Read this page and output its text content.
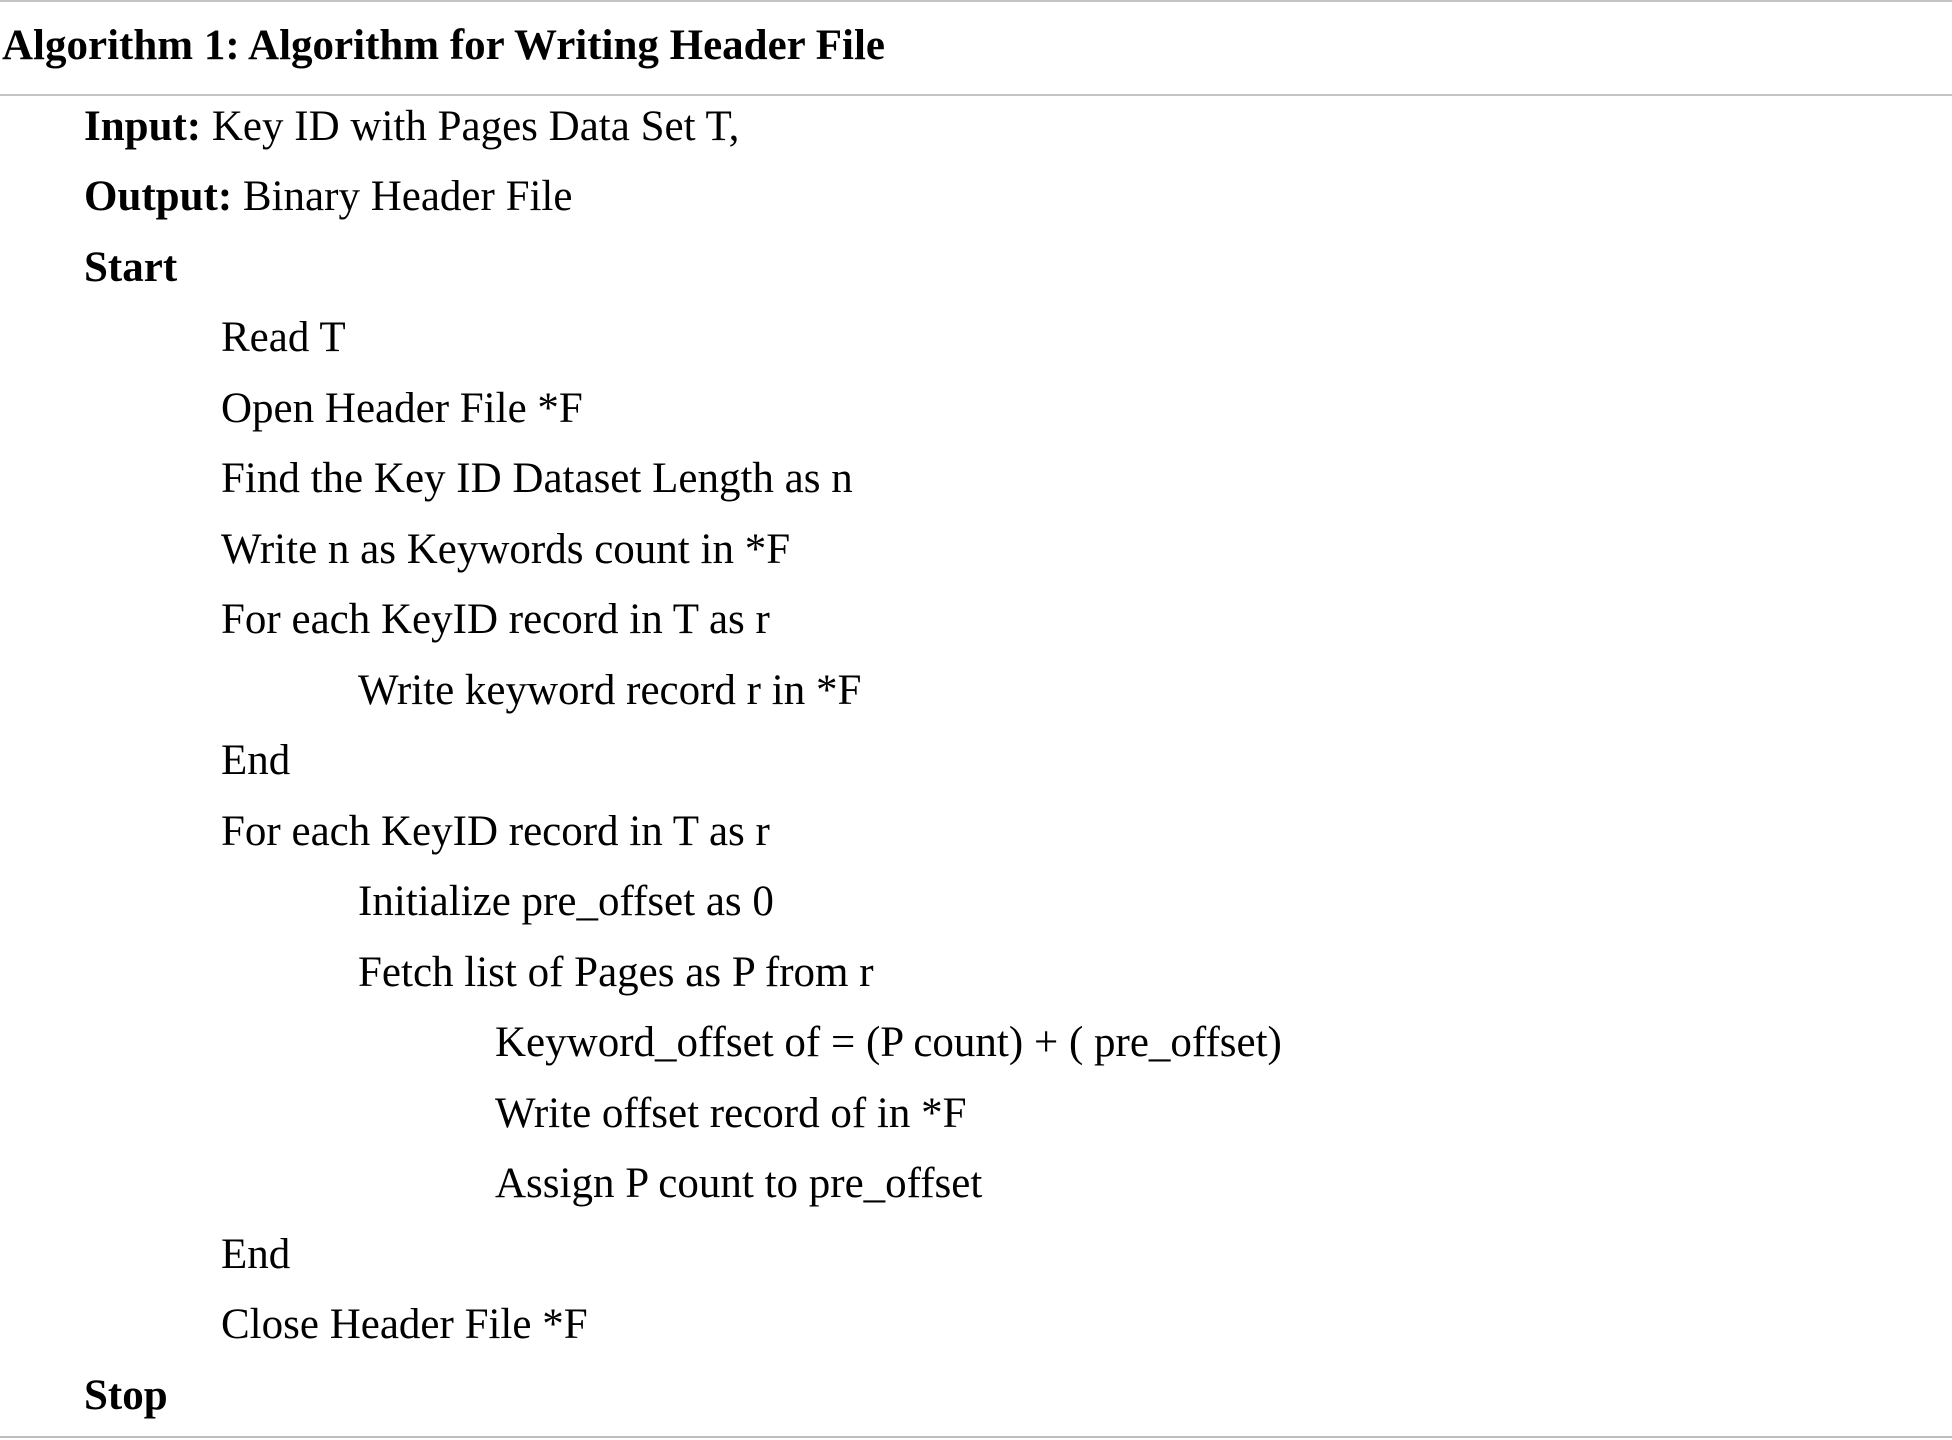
Algorithm 1: Algorithm for Writing Header File
Input: Key ID with Pages Data Set T,
Output: Binary Header File
Start
Read T
Open Header File *F
Find the Key ID Dataset Length as n
Write n as Keywords count in *F
For each KeyID record in T as r
Write keyword record r in *F
End
For each KeyID record in T as r
Initialize pre_offset as 0
Fetch list of Pages as P from r
Keyword_offset of = (P count) + ( pre_offset)
Write offset record of in *F
Assign P count to pre_offset
End
Close Header File *F
Stop
